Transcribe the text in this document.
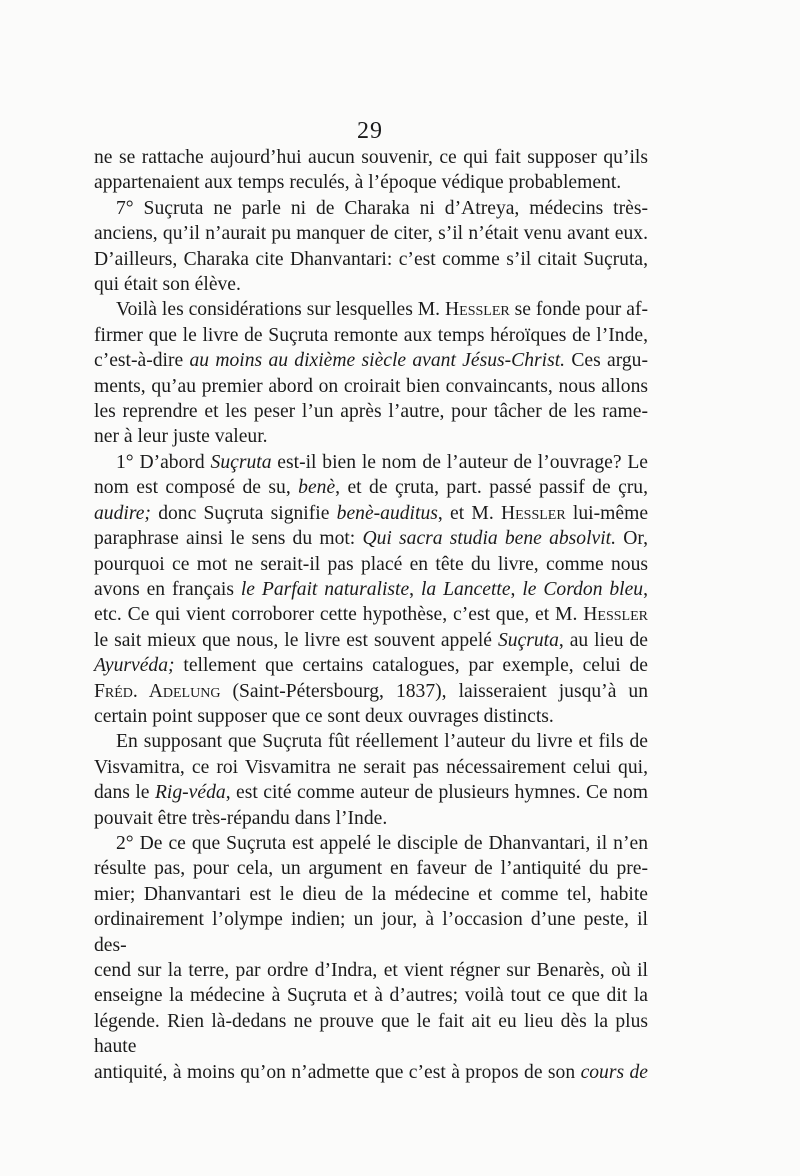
29
ne se rattache aujourd’hui aucun souvenir, ce qui fait supposer qu’ils
appartenaient aux temps reculés, à l’époque védique probablement.
7° Suçruta ne parle ni de Charaka ni d’Atreya, médecins très-
anciens, qu’il n’aurait pu manquer de citer, s’il n’était venu avant eux.
D’ailleurs, Charaka cite Dhanvantari: c’est comme s’il citait Suçruta,
qui était son élève.
Voilà les considérations sur lesquelles M. Hessler se fonde pour af-
firmer que le livre de Suçruta remonte aux temps héroïques de l’Inde,
c’est-à-dire au moins au dixième siècle avant Jésus-Christ. Ces argu-
ments, qu’au premier abord on croirait bien convaincants, nous allons
les reprendre et les peser l’un après l’autre, pour tâcher de les rame-
ner à leur juste valeur.
1° D’abord Suçruta est-il bien le nom de l’auteur de l’ouvrage? Le
nom est composé de su, benè, et de çruta, part. passé passif de çru,
audire; donc Suçruta signifie benè-auditus, et M. Hessler lui-même
paraphrase ainsi le sens du mot: Qui sacra studia bene absolvit. Or,
pourquoi ce mot ne serait-il pas placé en tête du livre, comme nous
avons en français le Parfait naturaliste, la Lancette, le Cordon bleu,
etc. Ce qui vient corroborer cette hypothèse, c’est que, et M. Hessler
le sait mieux que nous, le livre est souvent appelé Suçruta, au lieu de
Ayurvéda; tellement que certains catalogues, par exemple, celui de
Fréd. Adelung (Saint-Pétersbourg, 1837), laisseraient jusqu’à un
certain point supposer que ce sont deux ouvrages distincts.
En supposant que Suçruta fût réellement l’auteur du livre et fils de
Visvamitra, ce roi Visvamitra ne serait pas nécessairement celui qui,
dans le Rig-véda, est cité comme auteur de plusieurs hymnes. Ce nom
pouvait être très-répandu dans l’Inde.
2° De ce que Suçruta est appelé le disciple de Dhanvantari, il n’en
résulte pas, pour cela, un argument en faveur de l’antiquité du pre-
mier; Dhanvantari est le dieu de la médecine et comme tel, habite
ordinairement l’olympe indien; un jour, à l’occasion d’une peste, il des-
cend sur la terre, par ordre d’Indra, et vient régner sur Benarès, où il
enseigne la médecine à Suçruta et à d’autres; voilà tout ce que dit la
légende. Rien là-dedans ne prouve que le fait ait eu lieu dès la plus haute
antiquité, à moins qu’on n’admette que c’est à propos de son cours de
